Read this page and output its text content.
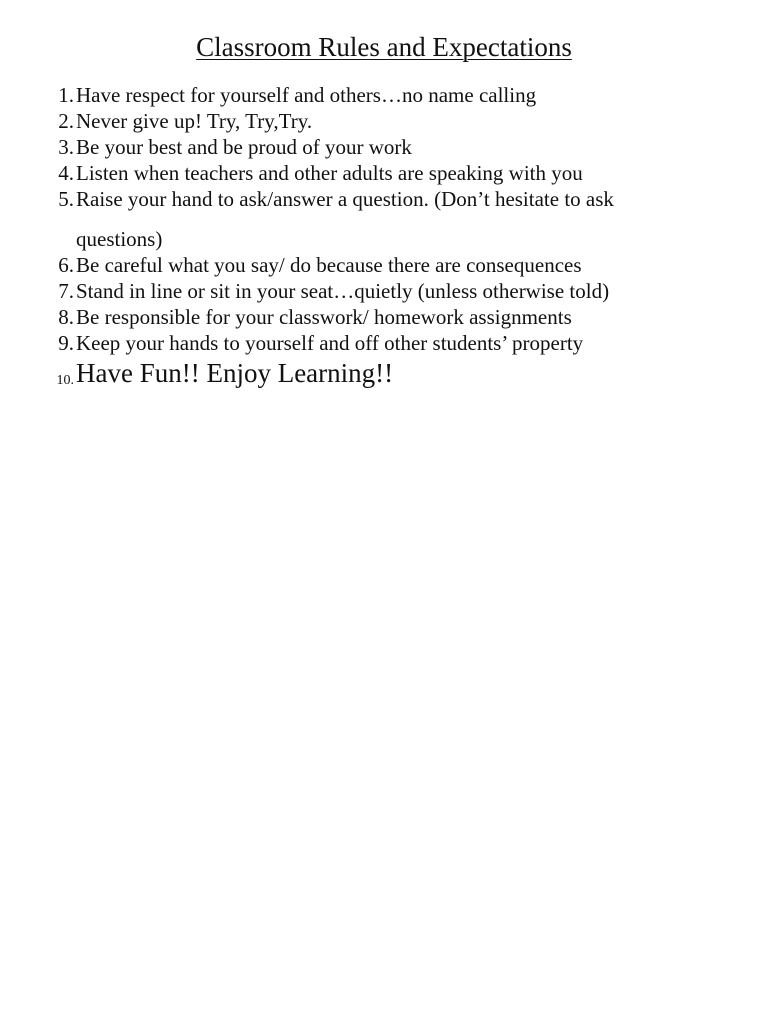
Classroom Rules and Expectations
1. Have respect for yourself and others…no name calling
2. Never give up! Try, Try,Try.
3. Be your best and be proud of your work
4. Listen when teachers and other adults are speaking with you
5. Raise your hand to ask/answer a question. (Don’t hesitate to ask
questions)
6. Be careful what you say/ do because there are consequences
7. Stand in line or sit in your seat…quietly (unless otherwise told)
8. Be responsible for your classwork/ homework assignments
9. Keep your hands to yourself and off other students’ property
10. Have Fun!! Enjoy Learning!!
